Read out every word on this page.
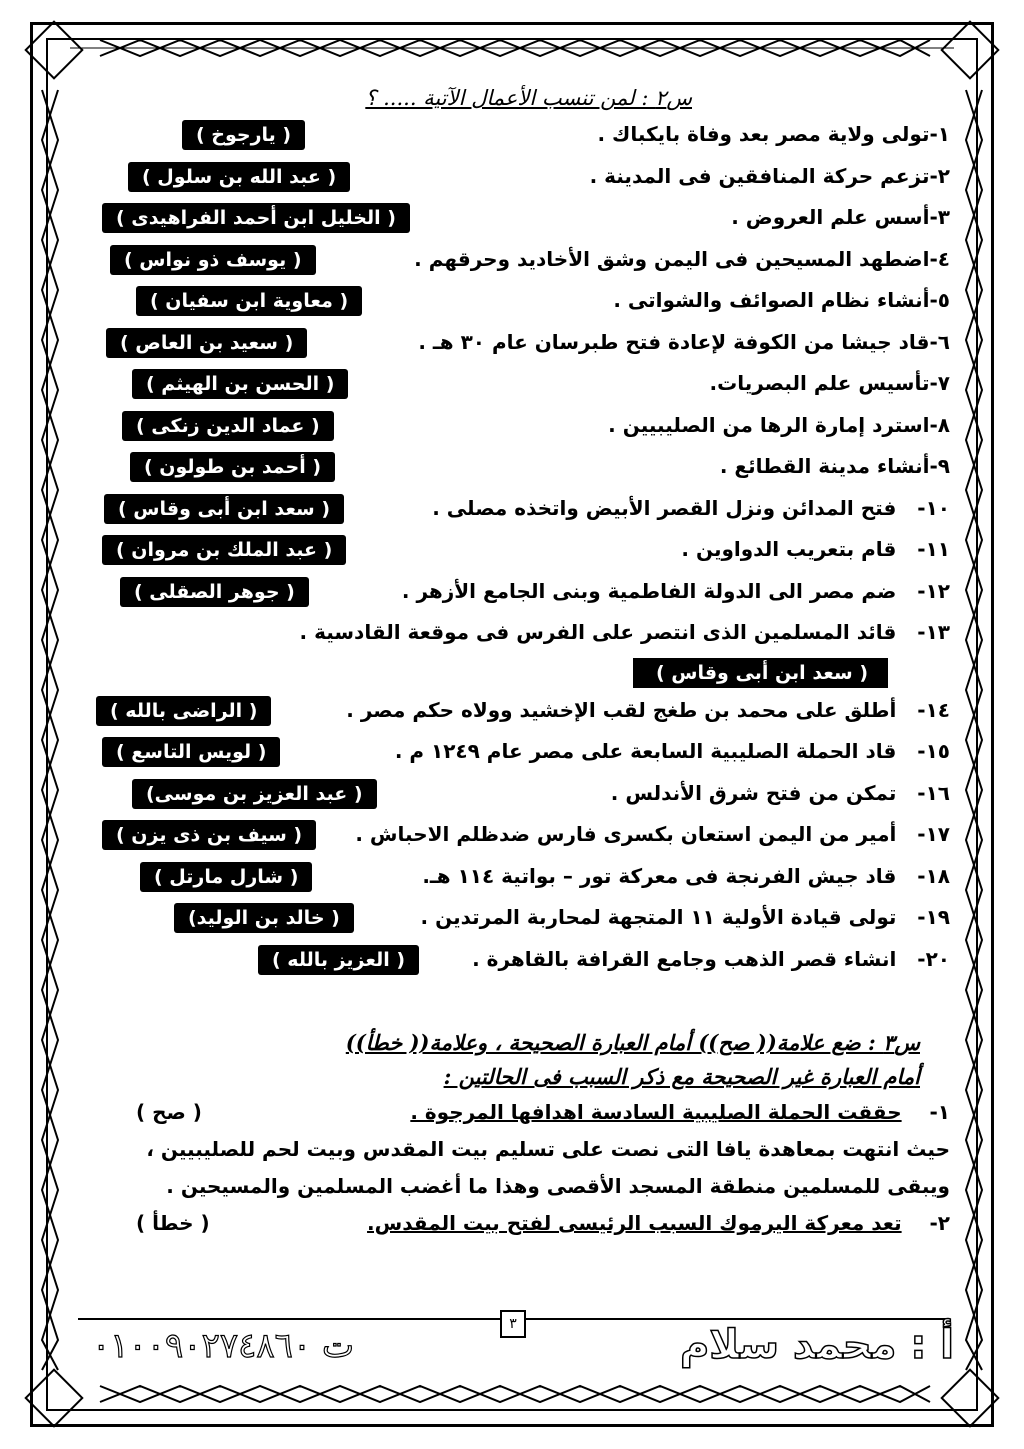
س٢ : لمن تنسب الأعمال الآتية ..... ؟
١-تولى ولاية مصر بعد وفاة بايكباك .
( يارجوخ )
٢-تزعم حركة المنافقين فى المدينة .
( عبد الله بن سلول )
٣-أسس علم العروض .
( الخليل ابن أحمد الفراهيدى )
٤-اضطهد المسيحين فى اليمن وشق الأخاديد وحرقهم .
( يوسف ذو نواس )
٥-أنشاء نظام الصوائف والشواتى .
( معاوية ابن سفيان )
٦-قاد جيشا من الكوفة لإعادة فتح طبرسان عام ٣٠ هـ .
( سعيد بن العاص )
٧-تأسيس علم البصريات.
( الحسن بن الهيثم )
٨-استرد إمارة الرها من الصليبيين .
( عماد الدين زنكى )
٩-أنشاء مدينة القطائع .
( أحمد بن طولون )
١٠-   فتح المدائن ونزل القصر الأبيض واتخذه مصلى .
( سعد ابن أبى وقاس )
١١-   قام بتعريب الدواوين .
( عبد الملك بن مروان )
١٢-   ضم مصر الى الدولة الفاطمية وبنى الجامع الأزهر .
( جوهر الصقلى )
١٣-   قائد المسلمين الذى انتصر على الفرس فى موقعة القادسية .
( سعد ابن أبى وقاس )
١٤-   أطلق على محمد بن طغج لقب الإخشيد وولاه حكم مصر .
( الراضى بالله )
١٥-   قاد الحملة الصليبية السابعة على مصر عام ١٢٤٩ م .
( لويس التاسع )
١٦-   تمكن من فتح شرق الأندلس .
( عبد العزيز بن موسى)
١٧-   أمير من اليمن استعان بكسرى فارس ضدظلم الاحباش .
( سيف بن ذى يزن )
١٨-   قاد جيش الفرنجة فى معركة تور – بواتية ١١٤ هـ.
( شارل مارتل )
١٩-   تولى قيادة الأولية ١١ المتجهة لمحاربة المرتدين .
( خالد بن الوليد)
٢٠-   انشاء قصر الذهب وجامع القرافة بالقاهرة .
( العزيز بالله )
س٣ : ضع علامة(( صح)) أمام العبارة الصحيحة ، وعلامة(( خطأ))
أمام العبارة غير الصحيحة مع ذكر السبب فى الحالتين :
١-    حققت الحملة الصليبية السادسة اهدافها المرجوة .
( صح )
حيث انتهت بمعاهدة يافا التى نصت على تسليم بيت المقدس وبيت لحم للصليبيين ،
ويبقى للمسلمين منطقة المسجد الأقصى وهذا ما أغضب المسلمين والمسيحين .
٢-    تعد معركة اليرموك السبب الرئيسى لفتح بيت المقدس.
( خطأ )
أ : محمد سلام
٣
ت ٠١٠٠٩٠٢٧٤٨٦٠
